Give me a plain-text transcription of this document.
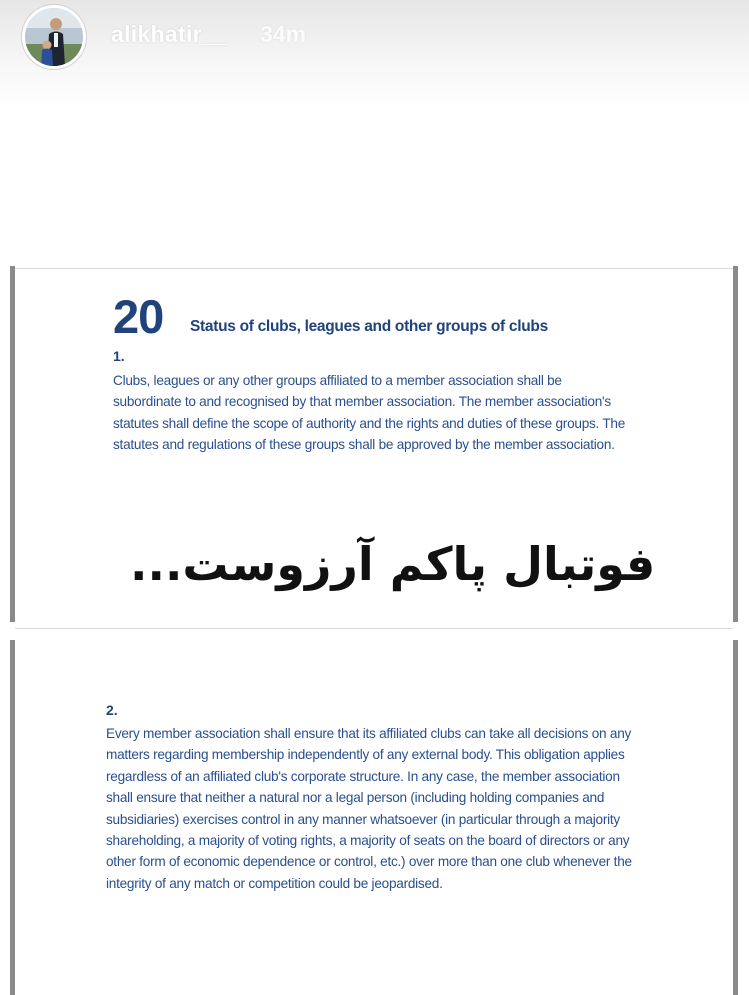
alikhatir__ 34m
20 Status of clubs, leagues and other groups of clubs
1.

Clubs, leagues or any other groups affiliated to a member association shall be subordinate to and recognised by that member association. The member association's statutes shall define the scope of authority and the rights and duties of these groups. The statutes and regulations of these groups shall be approved by the member association.

فوتبال پاکم آرزوست...
2.

Every member association shall ensure that its affiliated clubs can take all decisions on any matters regarding membership independently of any external body. This obligation applies regardless of an affiliated club's corporate structure. In any case, the member association shall ensure that neither a natural nor a legal person (including holding companies and subsidiaries) exercises control in any manner whatsoever (in particular through a majority shareholding, a majority of voting rights, a majority of seats on the board of directors or any other form of economic dependence or control, etc.) over more than one club whenever the integrity of any match or competition could be jeopardised.
